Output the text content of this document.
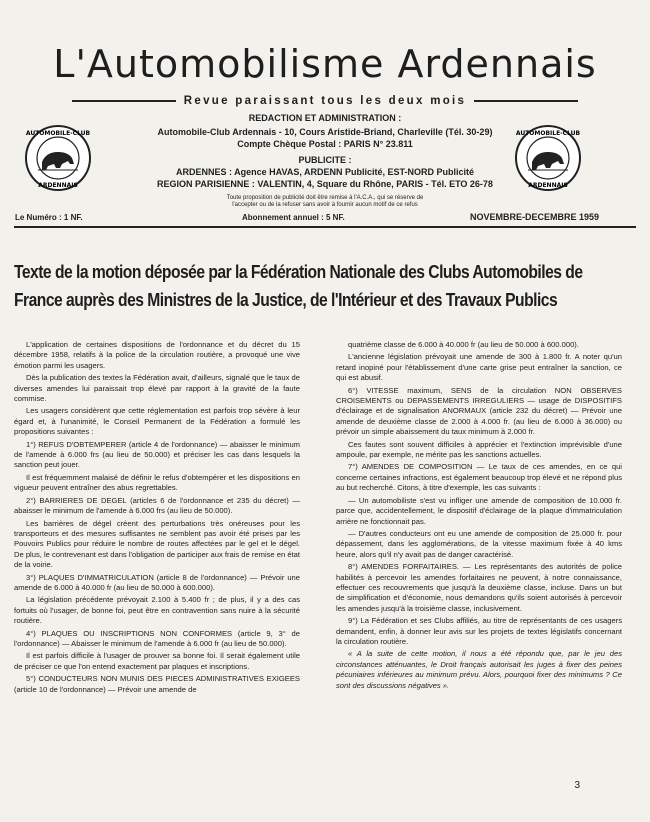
L'Automobilisme Ardennais
Revue paraissant tous les deux mois
AUTOMOBILE-CLUB
ARDENNAIS
AUTOMOBILE-CLUB
ARDENNAIS
REDACTION ET ADMINISTRATION :
Automobile-Club Ardennais - 10, Cours Aristide-Briand, Charleville (Tél. 30-29)
Compte Chèque Postal : PARIS N° 23.811
PUBLICITE :
ARDENNES : Agence HAVAS, ARDENN Publicité, EST-NORD Publicité
REGION PARISIENNE : VALENTIN, 4, Square du Rhône, PARIS - Tél. ETO 26-78
Toute proposition de publicité doit être remise à l'A.C.A., qui se réserve de
l'accepter ou de la refuser sans avoir à fournir aucun motif de ce refus
Le Numéro : 1 NF.	Abonnement annuel : 5 NF.	NOVEMBRE-DECEMBRE 1959
Texte de la motion déposée par la Fédération Nationale des Clubs Automobiles de
France auprès des Ministres de la Justice, de l'Intérieur et des Travaux Publics

L'application de certaines dispositions de l'ordonnance et du décret du 15 décembre 1958, relatifs à la police de la circulation routière, a provoqué une vive émotion parmi les usagers.

Dès la publication des textes la Fédération avait, d'ailleurs, signalé que le taux de diverses amendes lui paraissait trop élevé par rapport à la gravité de la faute commise.

Les usagers considèrent que cette réglementation est parfois trop sévère à leur égard et, à l'unanimité, le Conseil Permanent de la Fédération a formulé les propositions suivantes :

1°) REFUS D'OBTEMPERER (article 4 de l'ordonnance) — abaisser le minimum de l'amende à 6.000 frs (au lieu de 50.000) et préciser les cas dans lesquels la sanction peut jouer.

Il est fréquemment malaisé de définir le refus d'obtempérer et les dispositions en vigueur peuvent entraîner des abus regrettables.

2°) BARRIERES DE DEGEL (articles 6 de l'ordonnance et 235 du décret) — abaisser le minimum de l'amende à 6.000 frs (au lieu de 50.000).

Les barrières de dégel créent des perturbations très onéreuses pour les transporteurs et des mesures suffisantes ne semblent pas avoir été prises par les Pouvoirs Publics pour réduire le nombre de routes affectées par le gel et le dégel. De plus, le contrevenant est dans l'obligation de participer aux frais de remise en état de la voirie.

3°) PLAQUES D'IMMATRICULATION (article 8 de l'ordonnance) — Prévoir une amende de 6.000 à 40.000 fr (au lieu de 50.000 à 600.000).

La législation précédente prévoyait 2.100 à 5.400 fr ; de plus, il y a des cas fortuits où l'usager, de bonne foi, peut être en contravention sans nuire à la sécurité routière.

4°) PLAQUES OU INSCRIPTIONS NON CONFORMES (article 9, 3° de l'ordonnance) — Abaisser le minimum de l'amende à 6.000 fr (au lieu de 50.000).

Il est parfois difficile à l'usager de prouver sa bonne foi. Il serait également utile de préciser ce que l'on entend exactement par plaques et inscriptions.

5°) CONDUCTEURS NON MUNIS DES PIECES ADMINISTRATIVES EXIGEES (article 10 de l'ordonnance) — Prévoir une amende de

quatrième classe de 6.000 à 40.000 fr (au lieu de 50.000 à 600.000).

L'ancienne législation prévoyait une amende de 300 à 1.800 fr. A noter qu'un retard inopiné pour l'établissement d'une carte grise peut entraîner la sanction, ce qui est abusif.

6°) VITESSE maximum, SENS de la circulation NON OBSERVES CROISEMENTS ou DEPASSEMENTS IRREGULIERS — usage de DISPOSITIFS d'éclairage et de signalisation ANORMAUX (article 232 du décret) — Prévoir une amende de deuxième classe de 2.000 à 4.000 fr. (au lieu de 6.000 à 36.000) ou prévoir un simple abaissement du taux minimum à 2.000 fr.

Ces fautes sont souvent difficiles à apprécier et l'extinction imprévisible d'une ampoule, par exemple, ne mérite pas les sanctions actuelles.

7°) AMENDES DE COMPOSITION — Le taux de ces amendes, en ce qui concerne certaines infractions, est également beaucoup trop élevé et ne répond plus au but recherché. Citons, à titre d'exemple, les cas suivants :

— Un automobiliste s'est vu infliger une amende de composition de 10.000 fr. parce que, accidentellement, le dispositif d'éclairage de la plaque d'immatriculation arrière ne fonctionnait pas.

— D'autres conducteurs ont eu une amende de composition de 25.000 fr. pour dépassement, dans les agglomérations, de la vitesse maximum fixée à 40 kms heure, alors qu'il n'y avait pas de danger caractérisé.

8°) AMENDES FORFAITAIRES. — Les représentants des autorités de police habilités à percevoir les amendes forfaitaires ne peuvent, à notre connaissance, effectuer ces recouvrements que jusqu'à la deuxième classe, incluse. Dans un but de simplification et d'économie, nous demandons qu'ils soient autorisés à percevoir les amendes jusqu'à la troisième classe, inclusivement.

9°) La Fédération et ses Clubs affiliés, au titre de représentants de ces usagers demandent, enfin, à donner leur avis sur les projets de textes législatifs concernant la circulation routière.

« A la suite de cette motion, il nous a été répondu que, par le jeu des circonstances atténuantes, le Droit français autorisait les juges à fixer des peines pécuniaires inférieures au minimum prévu. Alors, pourquoi fixer des minimums ? Ce sont des discussions négatives ».

3
